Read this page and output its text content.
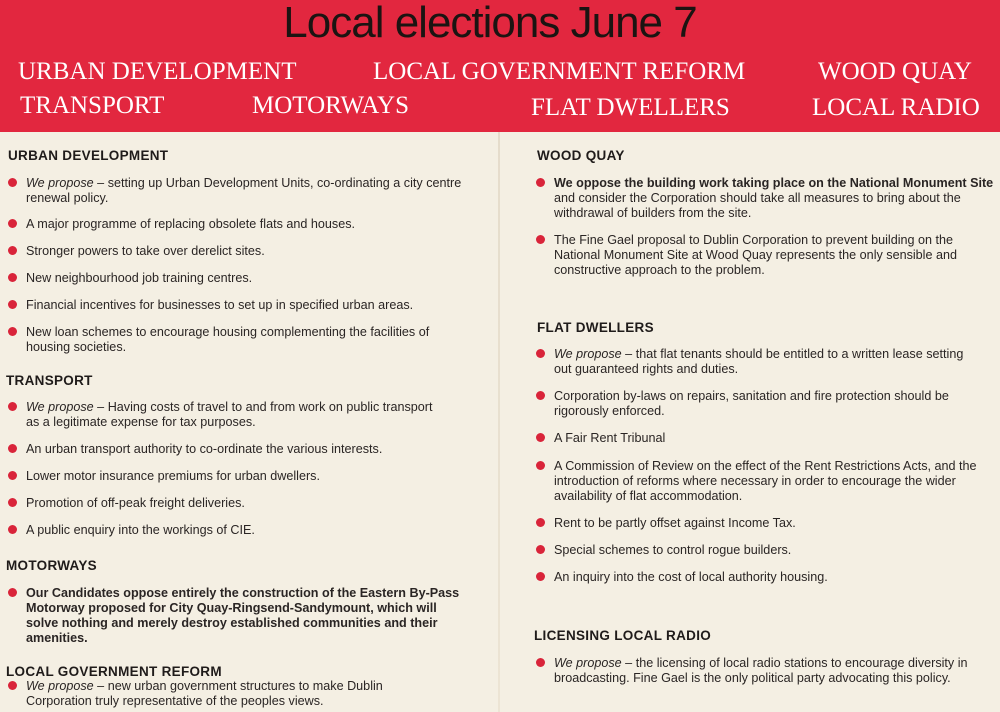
Local elections June 7
URBAN DEVELOPMENT	LOCAL GOVERNMENT REFORM	WOOD QUAY
TRANSPORT	MOTORWAYS	FLAT DWELLERS	LOCAL RADIO
URBAN DEVELOPMENT
We propose – setting up Urban Development Units, co-ordinating a city centre renewal policy.
A major programme of replacing obsolete flats and houses.
Stronger powers to take over derelict sites.
New neighbourhood job training centres.
Financial incentives for businesses to set up in specified urban areas.
New loan schemes to encourage housing complementing the facilities of housing societies.
TRANSPORT
We propose – Having costs of travel to and from work on public transport as a legitimate expense for tax purposes.
An urban transport authority to co-ordinate the various interests.
Lower motor insurance premiums for urban dwellers.
Promotion of off-peak freight deliveries.
A public enquiry into the workings of CIE.
MOTORWAYS
Our Candidates oppose entirely the construction of the Eastern By-Pass Motorway proposed for City Quay-Ringsend-Sandymount, which will solve nothing and merely destroy established communities and their amenities.
LOCAL GOVERNMENT REFORM
We propose – new urban government structures to make Dublin Corporation truly representative of the peoples views.
WOOD QUAY
We oppose the building work taking place on the National Monument Site and consider the Corporation should take all measures to bring about the withdrawal of builders from the site.
The Fine Gael proposal to Dublin Corporation to prevent building on the National Monument Site at Wood Quay represents the only sensible and constructive approach to the problem.
FLAT DWELLERS
We propose – that flat tenants should be entitled to a written lease setting out guaranteed rights and duties.
Corporation by-laws on repairs, sanitation and fire protection should be rigorously enforced.
A Fair Rent Tribunal
A Commission of Review on the effect of the Rent Restrictions Acts, and the introduction of reforms where necessary in order to encourage the wider availability of flat accommodation.
Rent to be partly offset against Income Tax.
Special schemes to control rogue builders.
An inquiry into the cost of local authority housing.
LICENSING LOCAL RADIO
We propose – the licensing of local radio stations to encourage diversity in broadcasting. Fine Gael is the only political party advocating this policy.
